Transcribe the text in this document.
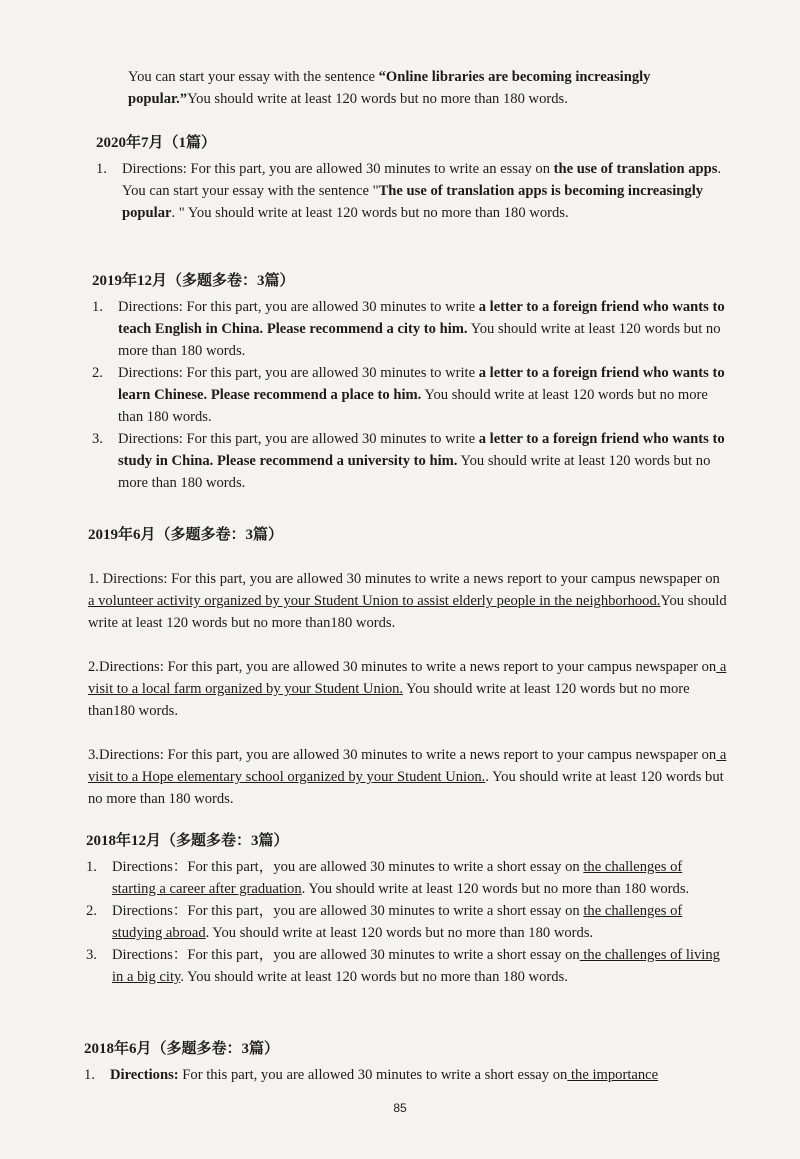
You can start your essay with the sentence “Online libraries are becoming increasingly popular.”You should write at least 120 words but no more than 180 words.

2020年7月（1篇）

1.	Directions: For this part, you are allowed 30 minutes to write an essay on the use of translation apps. You can start your essay with the sentence "The use of translation apps is becoming increasingly popular. " You should write at least 120 words but no more than 180 words.

2019年12月（多题多卷：3篇）

1.	Directions: For this part, you are allowed 30 minutes to write a letter to a foreign friend who wants to teach English in China. Please recommend a city to him. You should write at least 120 words but no more than 180 words.
2.	Directions: For this part, you are allowed 30 minutes to write a letter to a foreign friend who wants to learn Chinese. Please recommend a place to him. You should write at least 120 words but no more than 180 words.
3.	Directions: For this part, you are allowed 30 minutes to write a letter to a foreign friend who wants to study in China. Please recommend a university to him. You should write at least 120 words but no more than 180 words.

2019年6月（多题多卷：3篇）

1. Directions: For this part, you are allowed 30 minutes to write a news report to your campus newspaper on a volunteer activity organized by your Student Union to assist elderly people in the neighborhood.You should write at least 120 words but no more than180 words.

2.Directions: For this part, you are allowed 30 minutes to write a news report to your campus newspaper on a visit to a local farm organized by your Student Union. You should write at least 120 words but no more than180 words.

3.Directions: For this part, you are allowed 30 minutes to write a news report to your campus newspaper on a visit to a Hope elementary school organized by your Student Union.. You should write at least 120 words but no more than 180 words.

2018年12月（多题多卷：3篇）

1.	Directions：For this part，you are allowed 30 minutes to write a short essay on the challenges of starting a career after graduation. You should write at least 120 words but no more than 180 words.
2.	Directions：For this part，you are allowed 30 minutes to write a short essay on the challenges of studying abroad. You should write at least 120 words but no more than 180 words.
3.	Directions：For this part，you are allowed 30 minutes to write a short essay on the challenges of living in a big city. You should write at least 120 words but no more than 180 words.

2018年6月（多题多卷：3篇）

1.	Directions: For this part, you are allowed 30 minutes to write a short essay on the importance
85
